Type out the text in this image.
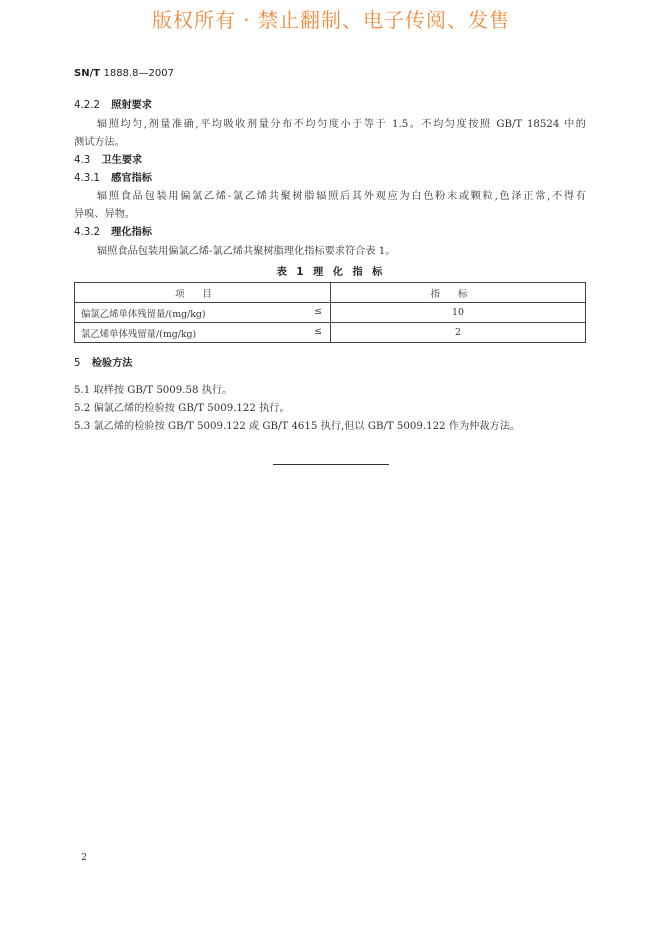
版权所有 · 禁止翻制、电子传阅、发售
SN/T 1888.8—2007
4.2.2 照射要求
辐照均匀,剂量准确,平均吸收剂量分布不均匀度小于等于 1.5。不均匀度按照 GB/T 18524 中的
测试方法。
4.3 卫生要求
4.3.1 感官指标
辐照食品包装用偏氯乙烯-氯乙烯共聚树脂辐照后其外观应为白色粉末或颗粒,色泽正常,不得有
异嗅、异物。
4.3.2 理化指标
辐照食品包装用偏氯乙烯-氯乙烯共聚树脂理化指标要求符合表 1。
表 1 理 化 指 标
项目	指标
偏氯乙烯单体残留量/(mg/kg) ≤	10
氯乙烯单体残留量/(mg/kg) ≤	2
5 检验方法
5.1 取样按 GB/T 5009.58 执行。
5.2 偏氯乙烯的检验按 GB/T 5009.122 执行。
5.3 氯乙烯的检验按 GB/T 5009.122 或 GB/T 4615 执行,但以 GB/T 5009.122 作为仲裁方法。
2
